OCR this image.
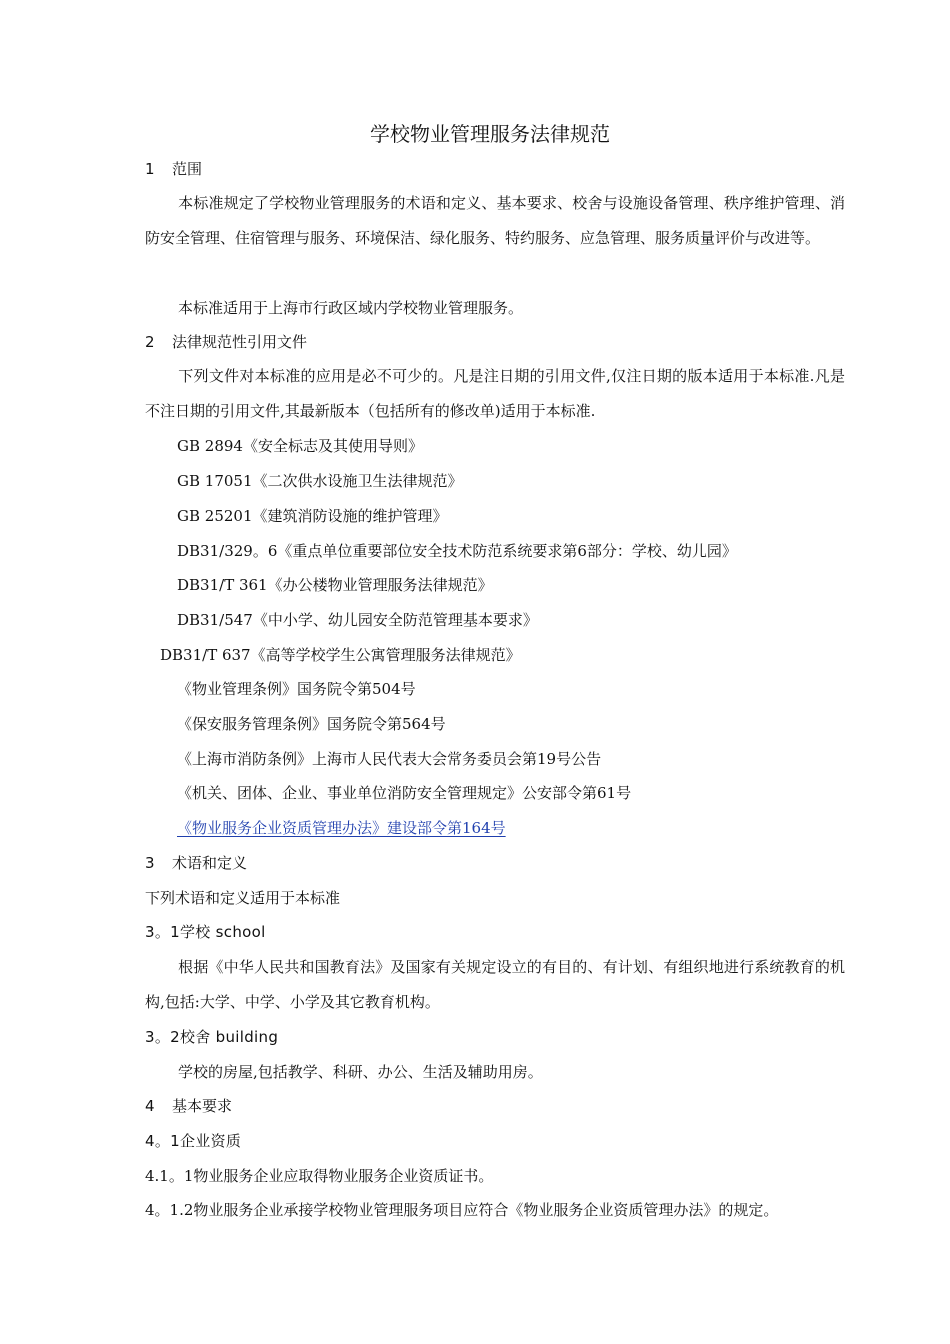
学校物业管理服务法律规范
1 范围
本标准规定了学校物业管理服务的术语和定义、基本要求、校舍与设施设备管理、秩序维护管理、消防安全管理、住宿管理与服务、环境保洁、绿化服务、特约服务、应急管理、服务质量评价与改进等。
本标准适用于上海市行政区域内学校物业管理服务。
2 法律规范性引用文件
下列文件对本标准的应用是必不可少的。凡是注日期的引用文件,仅注日期的版本适用于本标准.凡是不注日期的引用文件,其最新版本（包括所有的修改单)适用于本标准.
GB 2894《安全标志及其使用导则》
GB 17051《二次供水设施卫生法律规范》
GB 25201《建筑消防设施的维护管理》
DB31/329。6《重点单位重要部位安全技术防范系统要求第6部分：学校、幼儿园》
DB31/T 361《办公楼物业管理服务法律规范》
DB31/547《中小学、幼儿园安全防范管理基本要求》
DB31/T 637《高等学校学生公寓管理服务法律规范》
《物业管理条例》国务院令第504号
《保安服务管理条例》国务院令第564号
《上海市消防条例》上海市人民代表大会常务委员会第19号公告
《机关、团体、企业、事业单位消防安全管理规定》公安部令第61号
《物业服务企业资质管理办法》建设部令第164号
3 术语和定义
下列术语和定义适用于本标准
3。1学校 school
根据《中华人民共和国教育法》及国家有关规定设立的有目的、有计划、有组织地进行系统教育的机构,包括:大学、中学、小学及其它教育机构。
3。2校舍 building
学校的房屋,包括教学、科研、办公、生活及辅助用房。
4 基本要求
4。1企业资质
4.1。1物业服务企业应取得物业服务企业资质证书。
4。1.2物业服务企业承接学校物业管理服务项目应符合《物业服务企业资质管理办法》的规定。
